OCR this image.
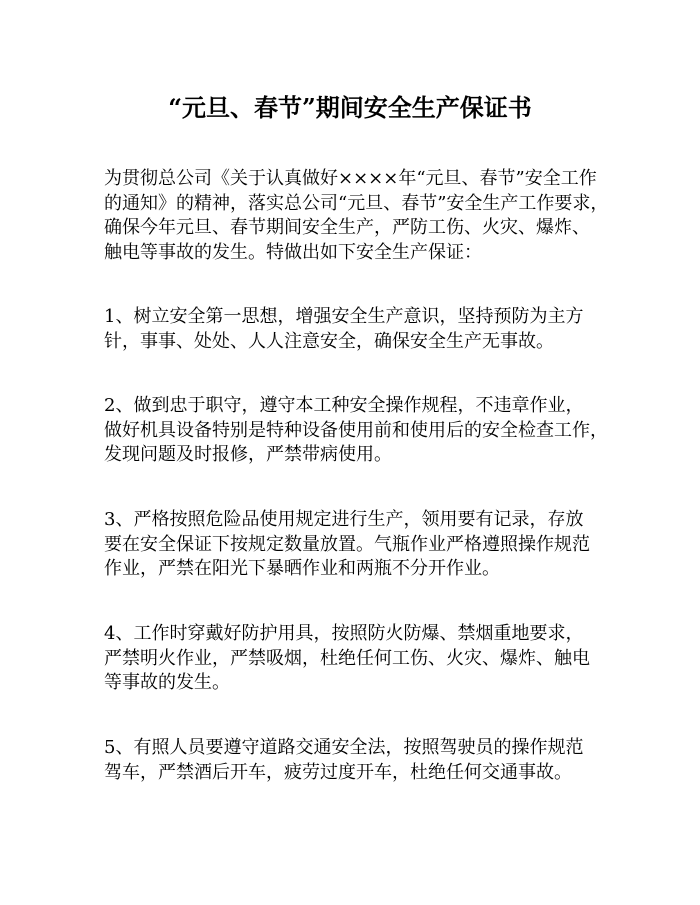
“元旦、春节”期间安全生产保证书
为贯彻总公司《关于认真做好××××年“元旦、春节”安全工作
的通知》的精神，落实总公司“元旦、春节”安全生产工作要求，
确保今年元旦、春节期间安全生产，严防工伤、火灾、爆炸、
触电等事故的发生。特做出如下安全生产保证：
1、树立安全第一思想，增强安全生产意识，坚持预防为主方
针，事事、处处、人人注意安全，确保安全生产无事故。
2、做到忠于职守，遵守本工种安全操作规程，不违章作业，
做好机具设备特别是特种设备使用前和使用后的安全检查工作，
发现问题及时报修，严禁带病使用。
3、严格按照危险品使用规定进行生产，领用要有记录，存放
要在安全保证下按规定数量放置。气瓶作业严格遵照操作规范
作业，严禁在阳光下暴晒作业和两瓶不分开作业。
4、工作时穿戴好防护用具，按照防火防爆、禁烟重地要求，
严禁明火作业，严禁吸烟，杜绝任何工伤、火灾、爆炸、触电
等事故的发生。
5、有照人员要遵守道路交通安全法，按照驾驶员的操作规范
驾车，严禁酒后开车，疲劳过度开车，杜绝任何交通事故。
